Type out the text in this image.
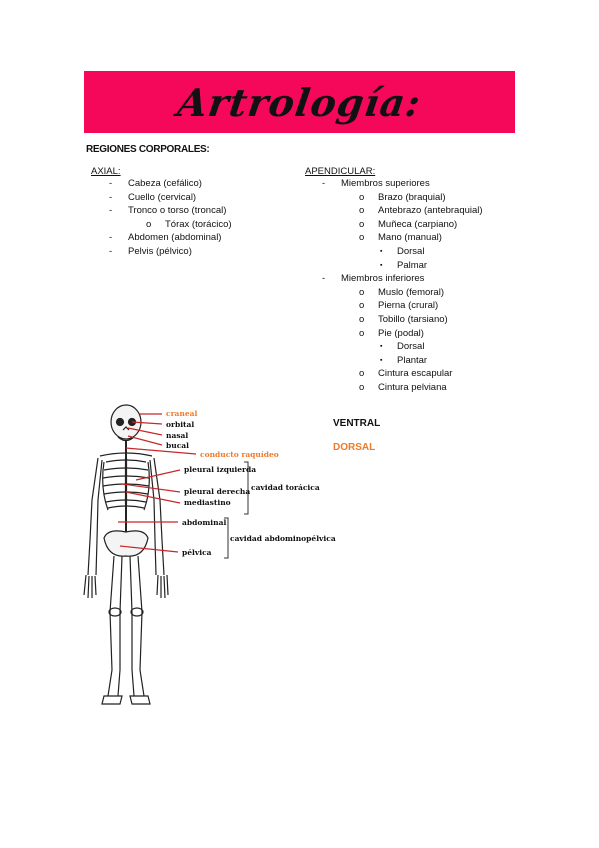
Artrología:
REGIONES CORPORALES:
AXIAL:
- Cabeza (cefálico)
- Cuello (cervical)
- Tronco o torso (troncal)
o Tórax (torácico)
- Abdomen (abdominal)
- Pelvis (pélvico)
APENDICULAR:
- Miembros superiores
o Brazo (braquial)
o Antebrazo (antebraquial)
o Muñeca (carpiano)
o Mano (manual)
▪ Dorsal
▪ Palmar
- Miembros inferiores
o Muslo (femoral)
o Pierna (crural)
o Tobillo (tarsiano)
o Pie (podal)
▪ Dorsal
▪ Plantar
o Cintura escapular
o Cintura pelviana
VENTRAL
DORSAL
craneal
orbital
nasal
bucal
conducto raquídeo
pleural izquierda
pleural derecha
mediastino
cavidad torácica
abdominal
pélvica
cavidad abdominopélvica
